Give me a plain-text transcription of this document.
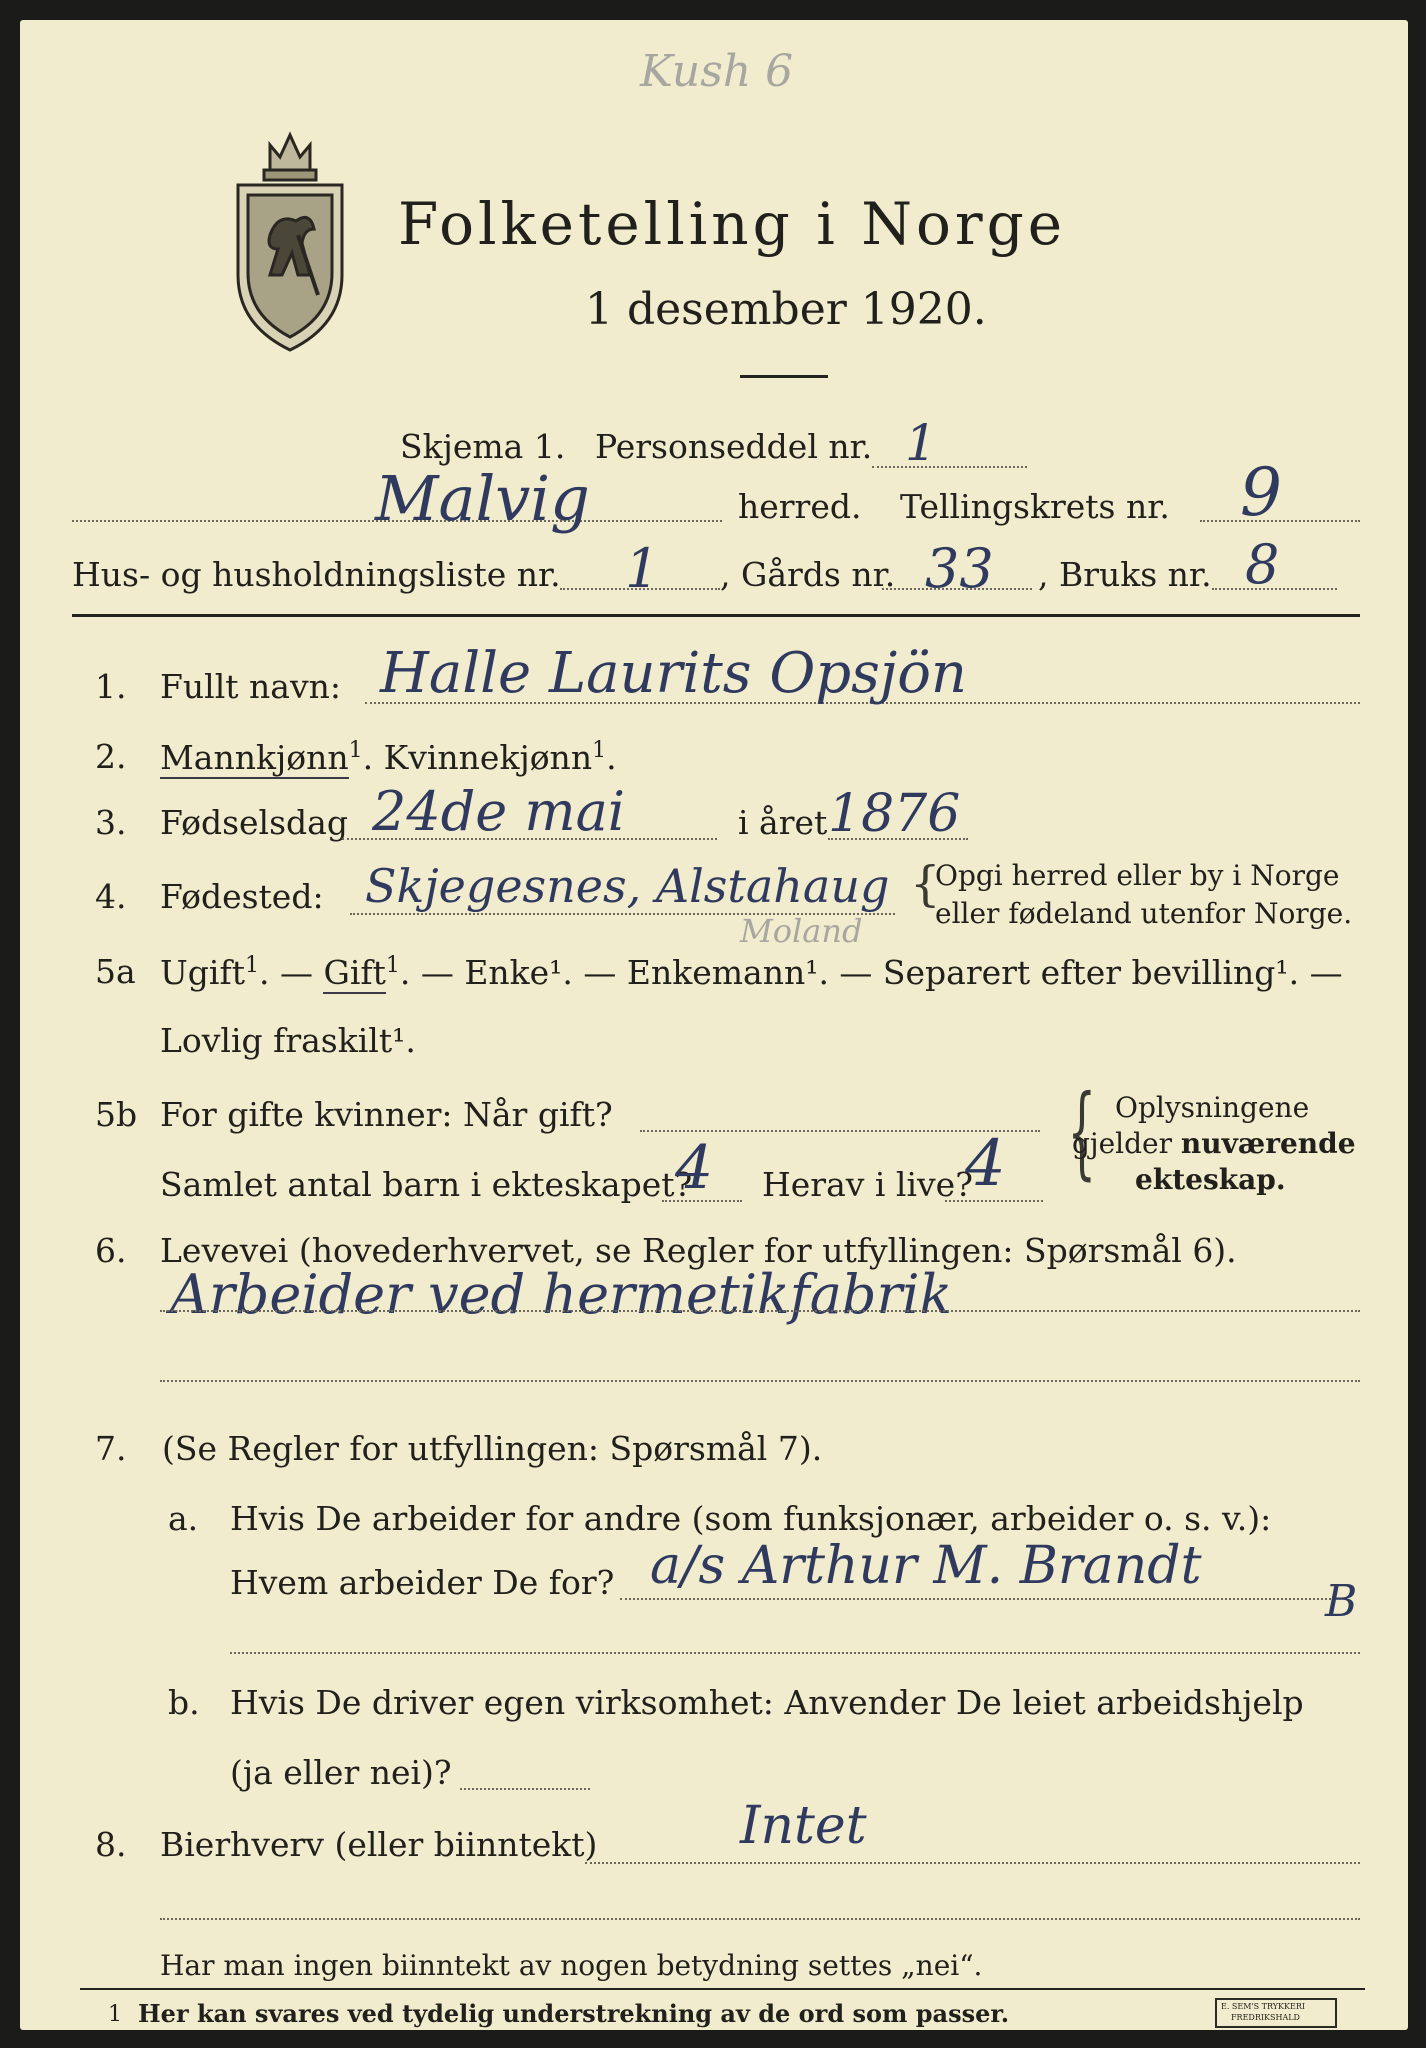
Kush 6
Folketelling i Norge
1 desember 1920.
Skjema 1. Personseddel nr. 1
Malvig	herred. Tellingskrets nr. 9
Hus- og husholdningsliste nr. 1 , Gårds nr. 33 , Bruks nr. 8
1. Fullt navn: Halle Laurits Opsjön
2. Mannkjønn$^1$. Kvinnekjønn$^1$.
3. Fødselsdag 24de mai	i året 1876
4. Fødested: Skjegesnes, Alstahaug
Moland
{
Opgi herred eller by i Norge
eller fødeland utenfor Norge.
5a Ugift$^1$. — Gift$^1$. — Enke¹. — Enkemann¹. — Separert efter bevilling¹. —
Lovlig fraskilt¹.
5b For gifte kvinner: Når gift?
Samlet antal barn i ekteskapet?
4 Herav i live?
4 { Oplysningene
gjelder nuværende
ekteskap.
6. Levevei (hovederhvervet, se Regler for utfyllingen: Spørsmål 6).
Arbeider ved hermetikfabrik
7. (Se Regler for utfyllingen: Spørsmål 7).
a. Hvis De arbeider for andre (som funksjonær, arbeider o. s. v.):
Hvem arbeider De for? a/s Arthur M. Brandt
B
b. Hvis De driver egen virksomhet: Anvender De leiet arbeidshjelp
(ja eller nei)?
8. Bierhverv (eller biinntekt)	Intet
Har man ingen biinntekt av nogen betydning settes „nei“.
1 Her kan svares ved tydelig understrekning av de ord som passer.	E. SEM'S TRYKKERI
FREDRIKSHALD
